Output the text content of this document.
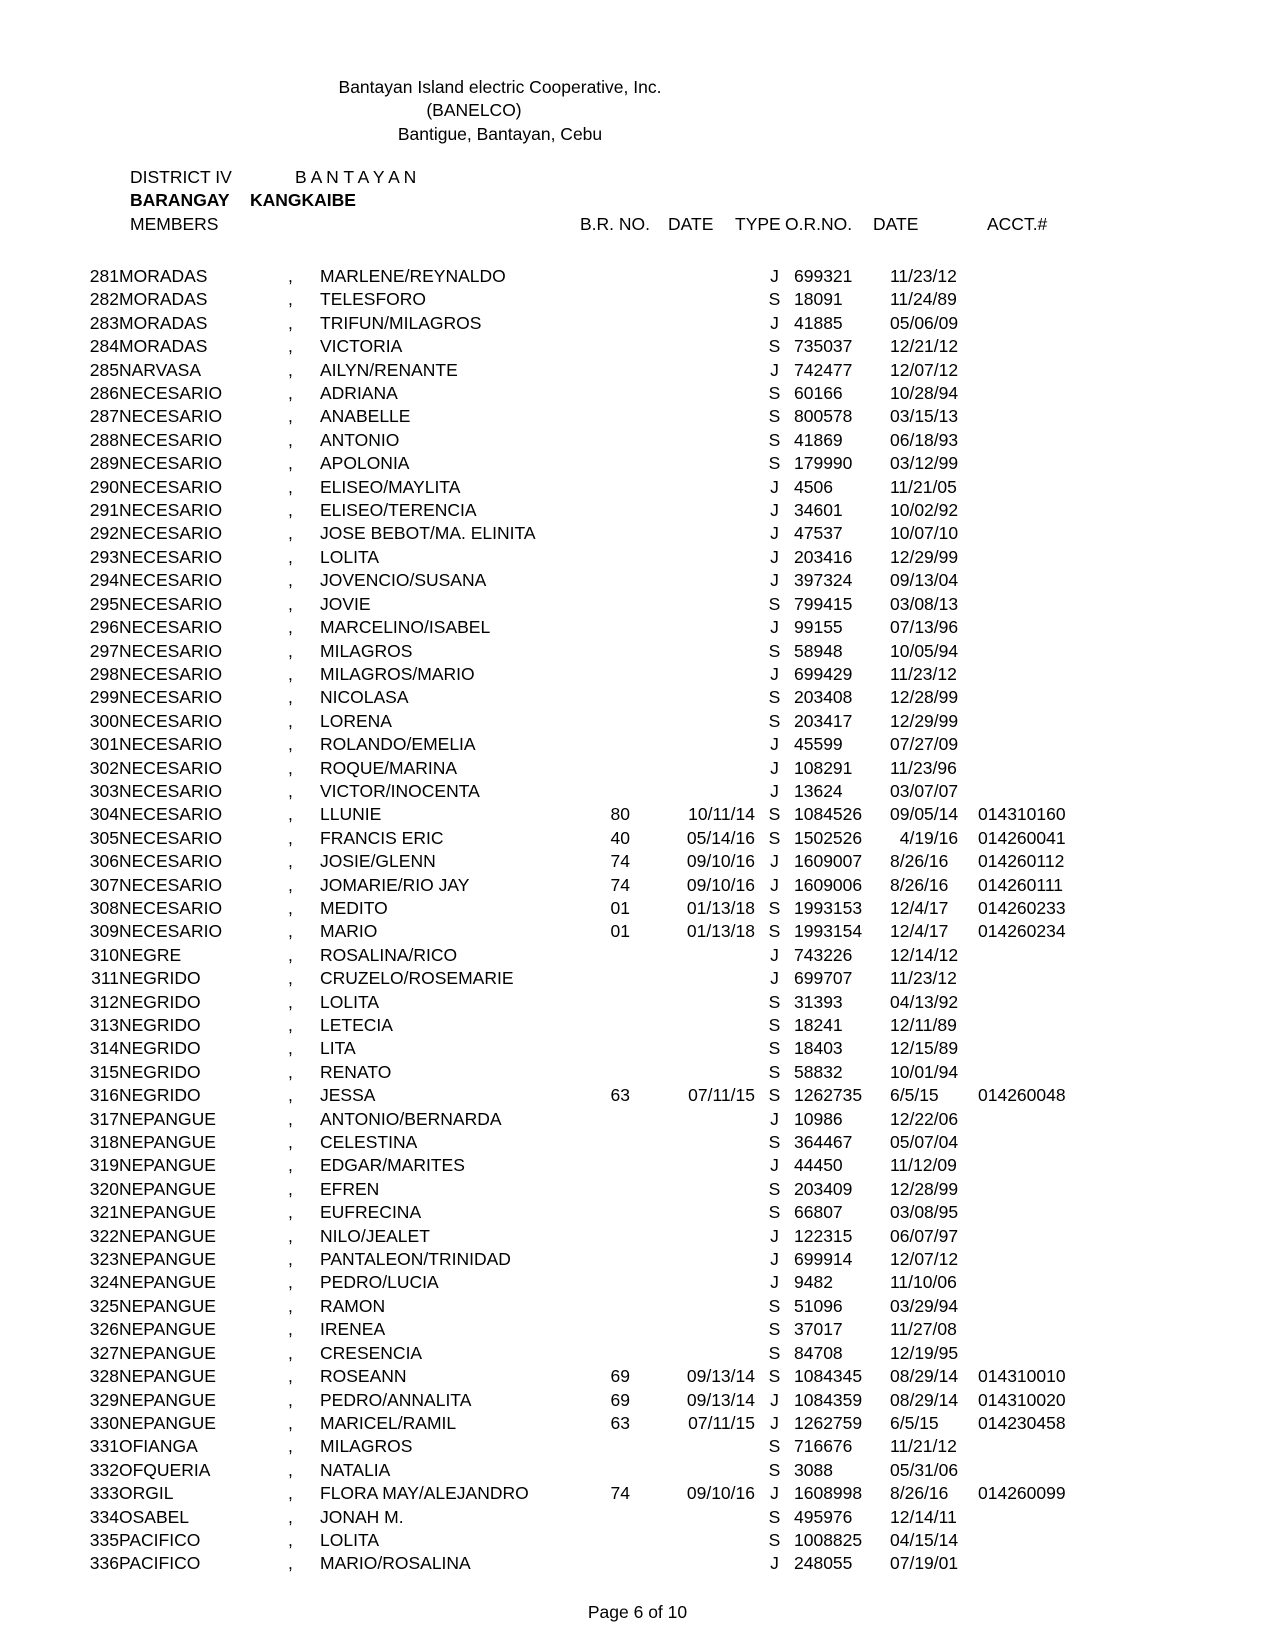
Bantayan Island electric Cooperative, Inc.
(BANELCO)
Bantigue, Bantayan, Cebu
DISTRICT IV	B A N T A Y A N
BARANGAY KANGKAIBE
MEMBERS	B.R. NO. DATE TYPE O.R.NO. DATE	ACCT.#
281	MORADAS	,	MARLENE/REYNALDO			J	699321	11/23/12	
282	MORADAS	,	TELESFORO			S	18091	11/24/89	
283	MORADAS	,	TRIFUN/MILAGROS			J	41885	05/06/09	
284	MORADAS	,	VICTORIA			S	735037	12/21/12	
285	NARVASA	,	AILYN/RENANTE			J	742477	12/07/12	
286	NECESARIO	,	ADRIANA			S	60166	10/28/94	
287	NECESARIO	,	ANABELLE			S	800578	03/15/13	
288	NECESARIO	,	ANTONIO			S	41869	06/18/93	
289	NECESARIO	,	APOLONIA			S	179990	03/12/99	
290	NECESARIO	,	ELISEO/MAYLITA			J	4506	11/21/05	
291	NECESARIO	,	ELISEO/TERENCIA			J	34601	10/02/92	
292	NECESARIO	,	JOSE BEBOT/MA. ELINITA			J	47537	10/07/10	
293	NECESARIO	,	LOLITA			J	203416	12/29/99	
294	NECESARIO	,	JOVENCIO/SUSANA			J	397324	09/13/04	
295	NECESARIO	,	JOVIE			S	799415	03/08/13	
296	NECESARIO	,	MARCELINO/ISABEL			J	99155	07/13/96	
297	NECESARIO	,	MILAGROS			S	58948	10/05/94	
298	NECESARIO	,	MILAGROS/MARIO			J	699429	11/23/12	
299	NECESARIO	,	NICOLASA			S	203408	12/28/99	
300	NECESARIO	,	LORENA			S	203417	12/29/99	
301	NECESARIO	,	ROLANDO/EMELIA			J	45599	07/27/09	
302	NECESARIO	,	ROQUE/MARINA			J	108291	11/23/96	
303	NECESARIO	,	VICTOR/INOCENTA			J	13624	03/07/07	
304	NECESARIO	,	LLUNIE	80	10/11/14	S	1084526	09/05/14	014310160
305	NECESARIO	,	FRANCIS ERIC	40	05/14/16	S	1502526	4/19/16	014260041
306	NECESARIO	,	JOSIE/GLENN	74	09/10/16	J	1609007	8/26/16	014260112
307	NECESARIO	,	JOMARIE/RIO JAY	74	09/10/16	J	1609006	8/26/16	014260111
308	NECESARIO	,	MEDITO	01	01/13/18	S	1993153	12/4/17	014260233
309	NECESARIO	,	MARIO	01	01/13/18	S	1993154	12/4/17	014260234
310	NEGRE	,	ROSALINA/RICO			J	743226	12/14/12	
311	NEGRIDO	,	CRUZELO/ROSEMARIE			J	699707	11/23/12	
312	NEGRIDO	,	LOLITA			S	31393	04/13/92	
313	NEGRIDO	,	LETECIA			S	18241	12/11/89	
314	NEGRIDO	,	LITA			S	18403	12/15/89	
315	NEGRIDO	,	RENATO			S	58832	10/01/94	
316	NEGRIDO	,	JESSA	63	07/11/15	S	1262735	6/5/15	014260048
317	NEPANGUE	,	ANTONIO/BERNARDA			J	10986	12/22/06	
318	NEPANGUE	,	CELESTINA			S	364467	05/07/04	
319	NEPANGUE	,	EDGAR/MARITES			J	44450	11/12/09	
320	NEPANGUE	,	EFREN			S	203409	12/28/99	
321	NEPANGUE	,	EUFRECINA			S	66807	03/08/95	
322	NEPANGUE	,	NILO/JEALET			J	122315	06/07/97	
323	NEPANGUE	,	PANTALEON/TRINIDAD			J	699914	12/07/12	
324	NEPANGUE	,	PEDRO/LUCIA			J	9482	11/10/06	
325	NEPANGUE	,	RAMON			S	51096	03/29/94	
326	NEPANGUE	,	IRENEA			S	37017	11/27/08	
327	NEPANGUE	,	CRESENCIA			S	84708	12/19/95	
328	NEPANGUE	,	ROSEANN	69	09/13/14	S	1084345	08/29/14	014310010
329	NEPANGUE	,	PEDRO/ANNALITA	69	09/13/14	J	1084359	08/29/14	014310020
330	NEPANGUE	,	MARICEL/RAMIL	63	07/11/15	J	1262759	6/5/15	014230458
331	OFIANGA	,	MILAGROS			S	716676	11/21/12	
332	OFQUERIA	,	NATALIA			S	3088	05/31/06	
333	ORGIL	,	FLORA MAY/ALEJANDRO	74	09/10/16	J	1608998	8/26/16	014260099
334	OSABEL	,	JONAH M.			S	495976	12/14/11	
335	PACIFICO	,	LOLITA			S	1008825	04/15/14	
336	PACIFICO	,	MARIO/ROSALINA			J	248055	07/19/01	
Page 6 of 10
